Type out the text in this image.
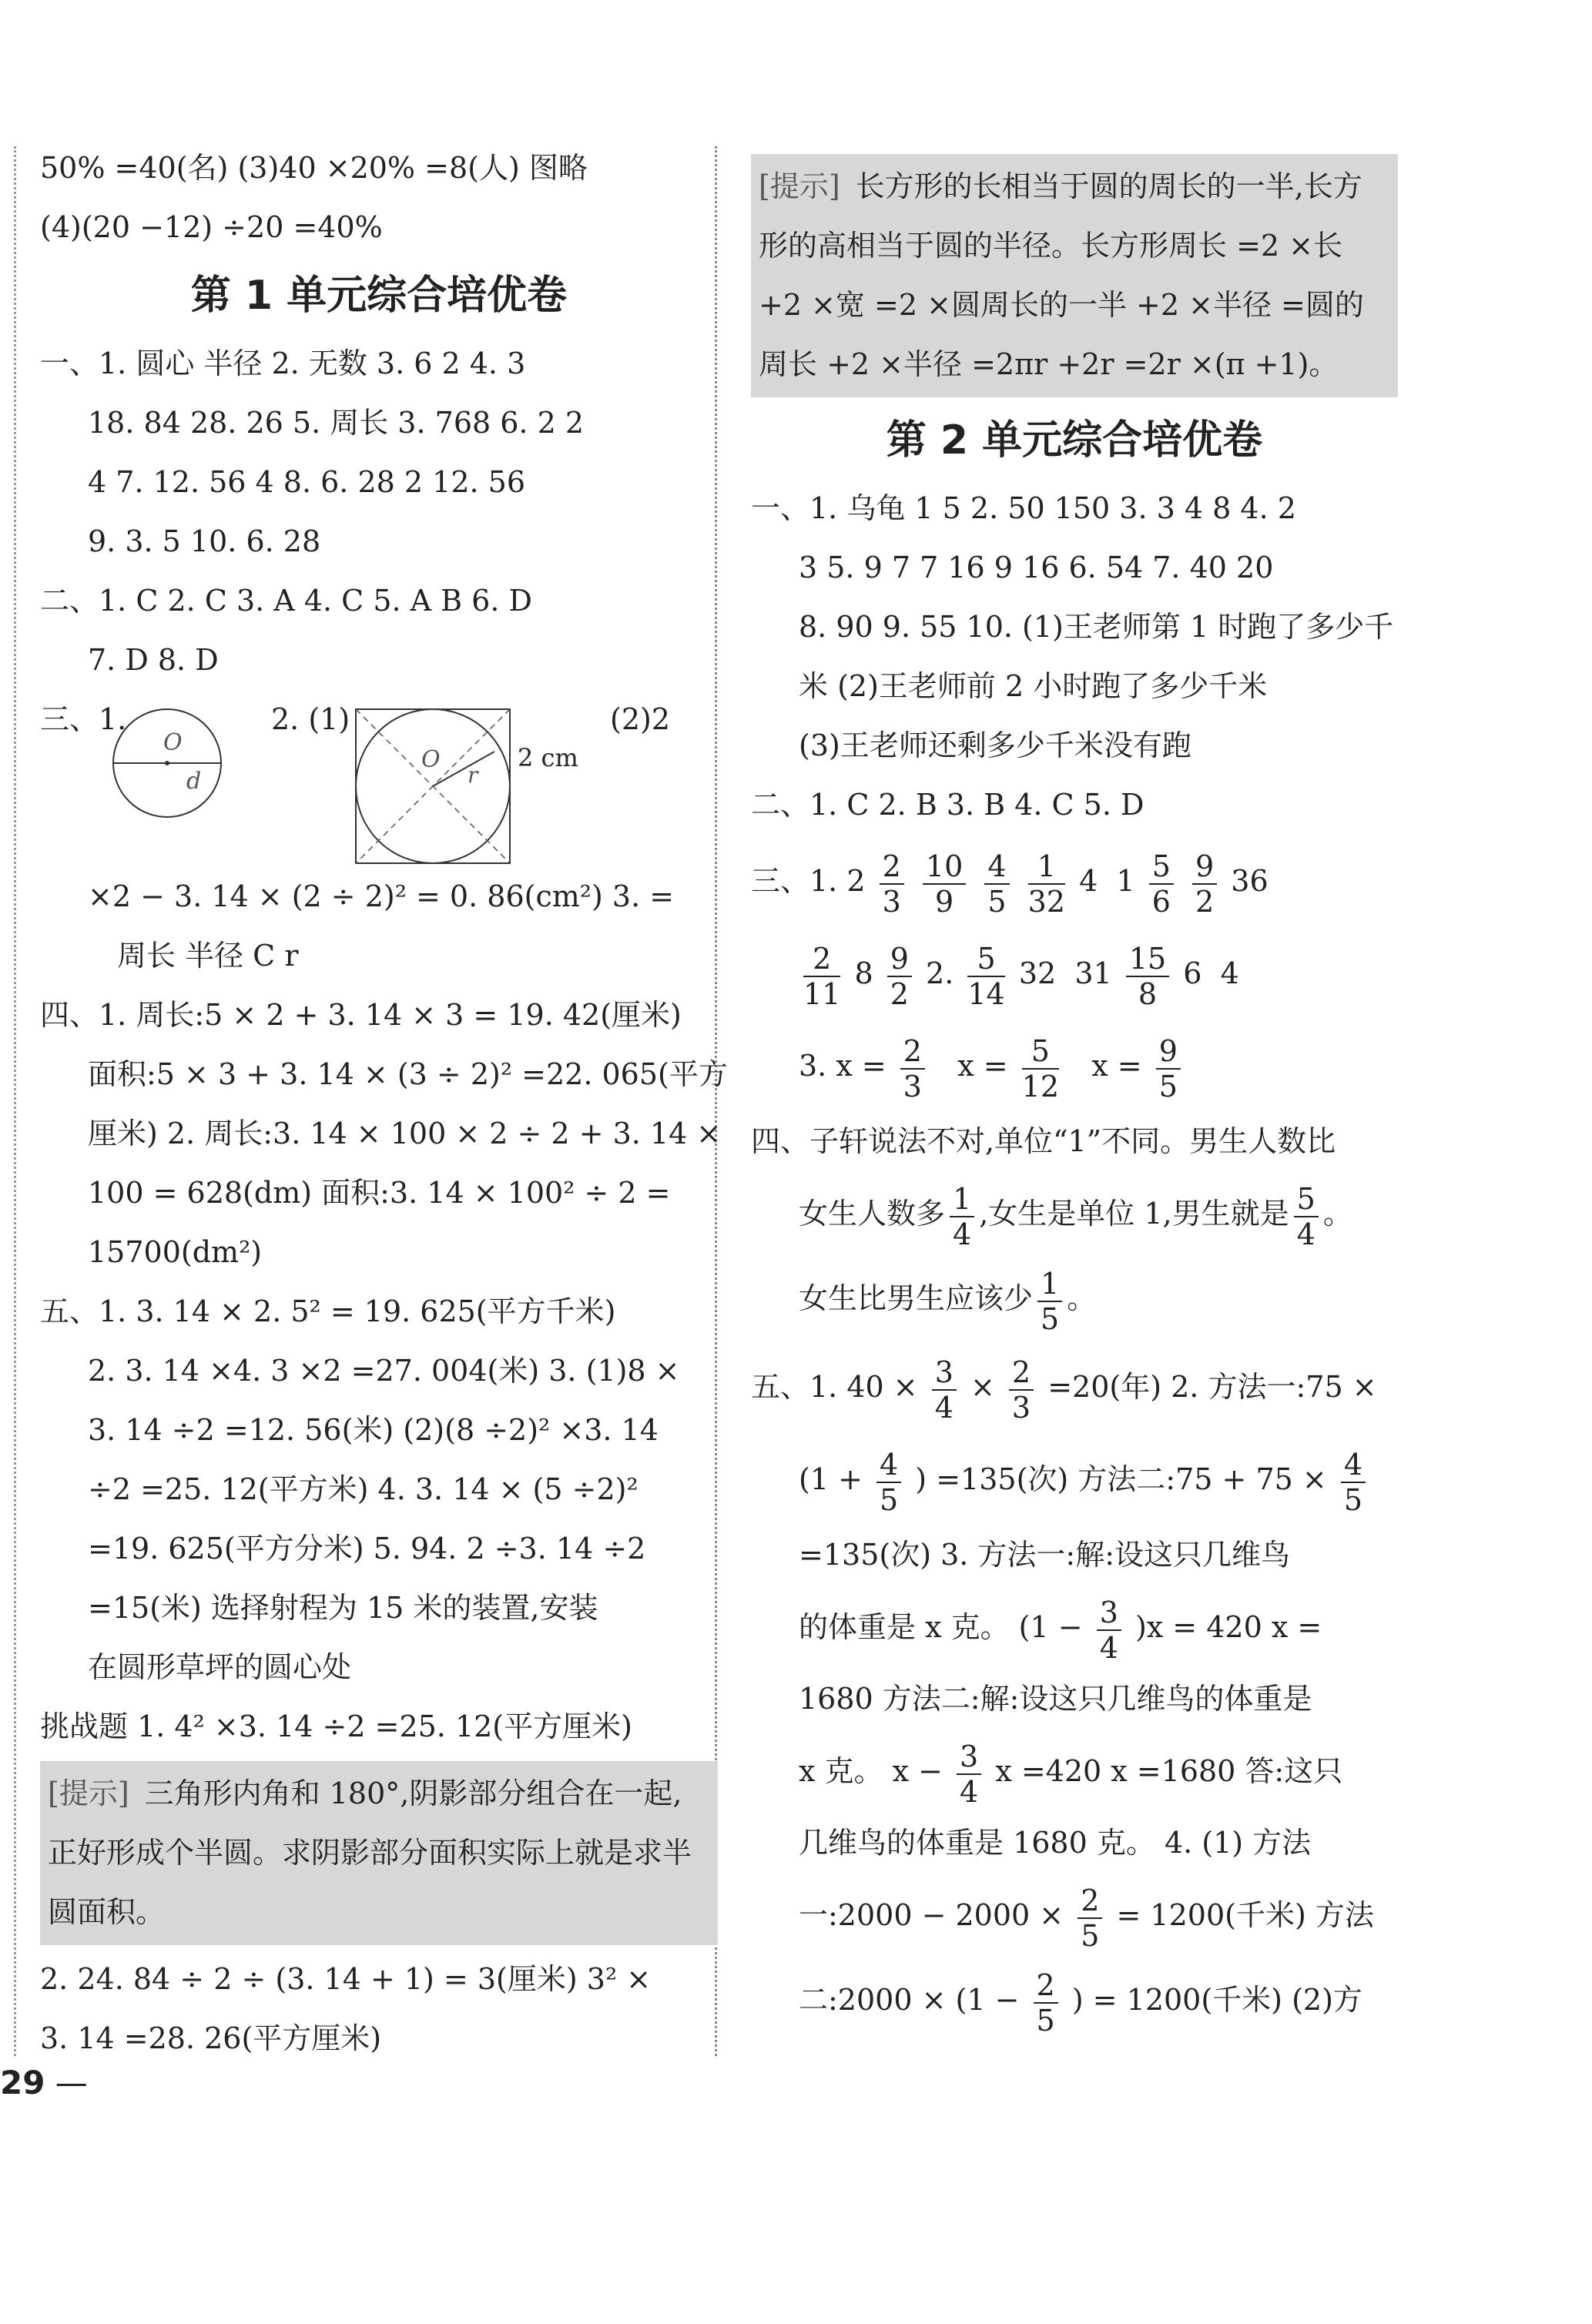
50% =40(名) (3)40 ×20% =8(人) 图略
(4)(20 −12) ÷20 =40%
第 1 单元综合培优卷
一、1. 圆心 半径 2. 无数 3. 6 2 4. 3
18. 84 28. 26 5. 周长 3. 768 6. 2 2
4 7. 12. 56 4 8. 6. 28 2 12. 56
9. 3. 5 10. 6. 28
二、1. C 2. C 3. A 4. C 5. A B 6. D
7. D 8. D
三、1.
O
d
2. (1)
O
r
2 cm
(2)2
×2 − 3. 14 × (2 ÷ 2)² = 0. 86(cm²) 3. =
周长 半径 C r
四、1. 周长:5 × 2 + 3. 14 × 3 = 19. 42(厘米)
面积:5 × 3 + 3. 14 × (3 ÷ 2)² =22. 065(平方
厘米) 2. 周长:3. 14 × 100 × 2 ÷ 2 + 3. 14 ×
100 = 628(dm) 面积:3. 14 × 100² ÷ 2 =
15700(dm²)
五、1. 3. 14 × 2. 5² = 19. 625(平方千米)
2. 3. 14 ×4. 3 ×2 =27. 004(米) 3. (1)8 ×
3. 14 ÷2 =12. 56(米) (2)(8 ÷2)² ×3. 14
÷2 =25. 12(平方米) 4. 3. 14 × (5 ÷2)²
=19. 625(平方分米) 5. 94. 2 ÷3. 14 ÷2
=15(米) 选择射程为 15 米的装置,安装
在圆形草坪的圆心处
挑战题 1. 4² ×3. 14 ÷2 =25. 12(平方厘米)
[提示] 三角形内角和 180°,阴影部分组合在一起,正好形成个半圆。求阴影部分面积实际上就是求半圆面积。
2. 24. 84 ÷ 2 ÷ (3. 14 + 1) = 3(厘米) 3² ×
3. 14 =28. 26(平方厘米)
[提示] 长方形的长相当于圆的周长的一半,长方形的高相当于圆的半径。长方形周长 =2 ×长 +2 ×宽 =2 ×圆周长的一半 +2 ×半径 =圆的周长 +2 ×半径 =2πr +2r =2r ×(π +1)。
第 2 单元综合培优卷
一、1. 乌龟 1 5 2. 50 150 3. 3 4 8 4. 2
3 5. 9 7 7 16 9 16 6. 54 7. 40 20
8. 90 9. 55 10. (1)王老师第 1 时跑了多少千
米 (2)王老师前 2 小时跑了多少千米
(3)王老师还剩多少千米没有跑
二、1. C 2. B 3. B 4. C 5. D
三、1. $2 \frac{2}{3}$
$\frac{10}{9}$
$\frac{4}{5}$
$\frac{1}{32} 4$ $1 \frac{5}{6}$
$\frac{9}{2} 36$
$\frac{2}{11} 8 \frac{9}{2} 2$. $\frac{5}{14} 32$ $31 \frac{15}{8} 6$ 4
3. $x = \frac{2}{3}$ $x = \frac{5}{12}$ $x = \frac{9}{5}$
四、子轩说法不对,单位“1”不同。男生人数比
女生人数多 $\frac{1}{4}$ ,女生是单位 1,男生就是 $\frac{5}{4}$ 。
女生比男生应该少 $\frac{1}{5}$ 。
五、1. $40 \times \frac{3}{4} \times \frac{2}{3} =20$(年) 2. 方法一:75 ×
($1 + \frac{4}{5}$ ) =135(次) 方法二:75 + $75 \times \frac{4}{5}$
=135(次) 3. 方法一:解:设这只几维鸟
的体重是 x 克。 $(1 - \frac{3}{4} )x = 420$ x =
1680 方法二:解:设这只几维鸟的体重是
x 克。 $x - \frac{3}{4}$ x =420 x =1680 答:这只
几维鸟的体重是 1680 克。 4. (1) 方法
一:2000 − $2000 \times \frac{2}{5} = 1200$(千米) 方法
二:2000 × ($1 - \frac{2}{5}$ ) = 1200(千米) (2)方
29 —
